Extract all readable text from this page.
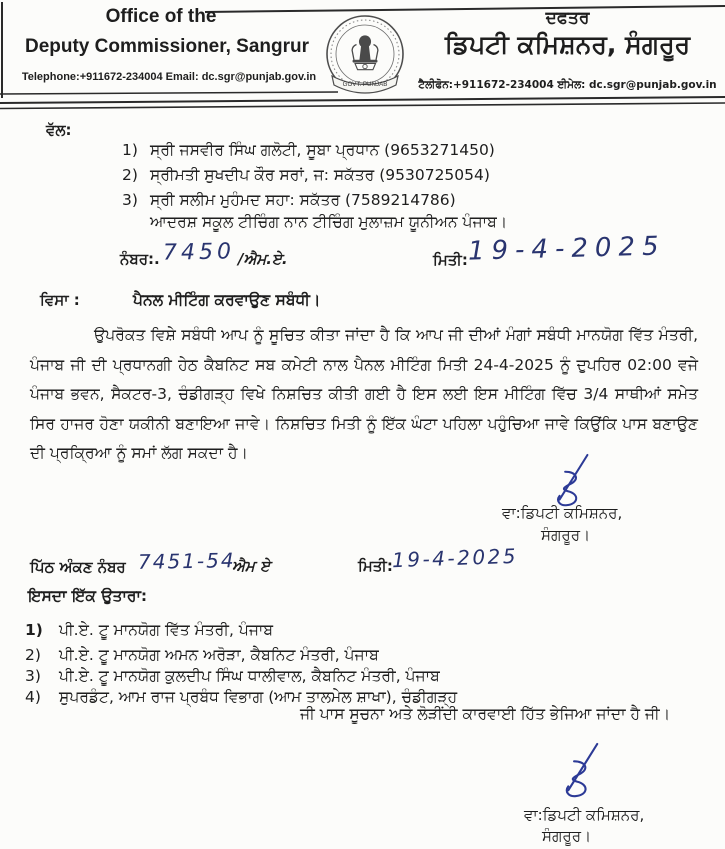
Office of the
Deputy Commissioner, Sangrur
Telephone:+911672-234004 Email: dc.sgr@punjab.gov.in
GOVT. PUNJAB
ਦਫਤਰ
ਡਿਪਟੀ ਕਮਿਸ਼ਨਰ, ਸੰਗਰੂਰ
ਟੈਲੀਫੋਨ:+911672-234004 ਈਮੇਲ: dc.sgr@punjab.gov.in
ਵੱਲ:
1) ਸ੍ਰੀ ਜਸਵੀਰ ਸਿੰਘ ਗਲੋਟੀ, ਸੂਬਾ ਪ੍ਰਧਾਨ (9653271450)
2) ਸ੍ਰੀਮਤੀ ਸੁਖਦੀਪ ਕੌਰ ਸਰਾਂ, ਜ: ਸਕੱਤਰ (9530725054)
3) ਸ੍ਰੀ ਸਲੀਮ ਮੁਹੰਮਦ ਸਹਾ: ਸਕੱਤਰ (7589214786)
ਆਦਰਸ਼ ਸਕੂਲ ਟੀਚਿੰਗ ਨਾਨ ਟੀਚਿੰਗ ਮੁਲਾਜ਼ਮ ਯੂਨੀਅਨ ਪੰਜਾਬ।
ਨੰਬਰ:. 7450 /ਐਮ.ਏ.	ਮਿਤੀ: 19-4-2025
ਵਿਸਾ :	ਪੈਨਲ ਮੀਟਿੰਗ ਕਰਵਾਉਣ ਸਬੰਧੀ।
ਉਪਰੋਕਤ ਵਿਸ਼ੇ ਸਬੰਧੀ ਆਪ ਨੂੰ ਸੂਚਿਤ ਕੀਤਾ ਜਾਂਦਾ ਹੈ ਕਿ ਆਪ ਜੀ ਦੀਆਂ ਮੰਗਾਂ ਸਬੰਧੀ ਮਾਨਯੋਗ ਵਿੱਤ ਮੰਤਰੀ, ਪੰਜਾਬ ਜੀ ਦੀ ਪ੍ਰਧਾਨਗੀ ਹੇਠ ਕੈਬਨਿਟ ਸਬ ਕਮੇਟੀ ਨਾਲ ਪੈਨਲ ਮੀਟਿੰਗ ਮਿਤੀ 24-4-2025 ਨੂੰ ਦੁਪਹਿਰ 02:00 ਵਜੇ ਪੰਜਾਬ ਭਵਨ, ਸੈਕਟਰ-3, ਚੰਡੀਗੜ੍ਹ ਵਿਖੇ ਨਿਸ਼ਚਿਤ ਕੀਤੀ ਗਈ ਹੈ ਇਸ ਲਈ ਇਸ ਮੀਟਿੰਗ ਵਿੱਚ 3/4 ਸਾਥੀਆਂ ਸਮੇਤ ਸਿਰ ਹਾਜਰ ਹੋਣਾ ਯਕੀਨੀ ਬਣਾਇਆ ਜਾਵੇ। ਨਿਸ਼ਚਿਤ ਮਿਤੀ ਨੂੰ ਇੱਕ ਘੰਟਾ ਪਹਿਲਾ ਪਹੁੰਚਿਆ ਜਾਵੇ ਕਿਉਂਕਿ ਪਾਸ ਬਣਾਉਣ ਦੀ ਪ੍ਰਕ੍ਰਿਆ ਨੂੰ ਸਮਾਂ ਲੱਗ ਸਕਦਾ ਹੈ।
ਵਾ:ਡਿਪਟੀ ਕਮਿਸ਼ਨਰ,
ਸੰਗਰੂਰ।
ਪਿੱਠ ਅੰਕਣ ਨੰਬਰ 7451-54
ਐਮ ਏ	ਮਿਤੀ:
19-4-2025
ਇਸਦਾ ਇੱਕ ਉਤਾਰਾ:
1) ਪੀ.ਏ. ਟੂ ਮਾਨਯੋਗ ਵਿੱਤ ਮੰਤਰੀ, ਪੰਜਾਬ
2) ਪੀ.ਏ. ਟੂ ਮਾਨਯੋਗ ਅਮਨ ਅਰੋੜਾ, ਕੈਬਨਿਟ ਮੰਤਰੀ, ਪੰਜਾਬ
3) ਪੀ.ਏ. ਟੂ ਮਾਨਯੋਗ ਕੁਲਦੀਪ ਸਿੰਘ ਧਾਲੀਵਾਲ, ਕੈਬਨਿਟ ਮੰਤਰੀ, ਪੰਜਾਬ
4) ਸੁਪਰਡੰਟ, ਆਮ ਰਾਜ ਪ੍ਰਬੰਧ ਵਿਭਾਗ (ਆਮ ਤਾਲਮੇਲ ਸ਼ਾਖਾ), ਚੰਡੀਗੜ੍ਹ
ਜੀ ਪਾਸ ਸੂਚਨਾ ਅਤੇ ਲੋੜੀਂਦੀ ਕਾਰਵਾਈ ਹਿੱਤ ਭੇਜਿਆ ਜਾਂਦਾ ਹੈ ਜੀ।
ਵਾ:ਡਿਪਟੀ ਕਮਿਸ਼ਨਰ,
ਸੰਗਰੂਰ।
